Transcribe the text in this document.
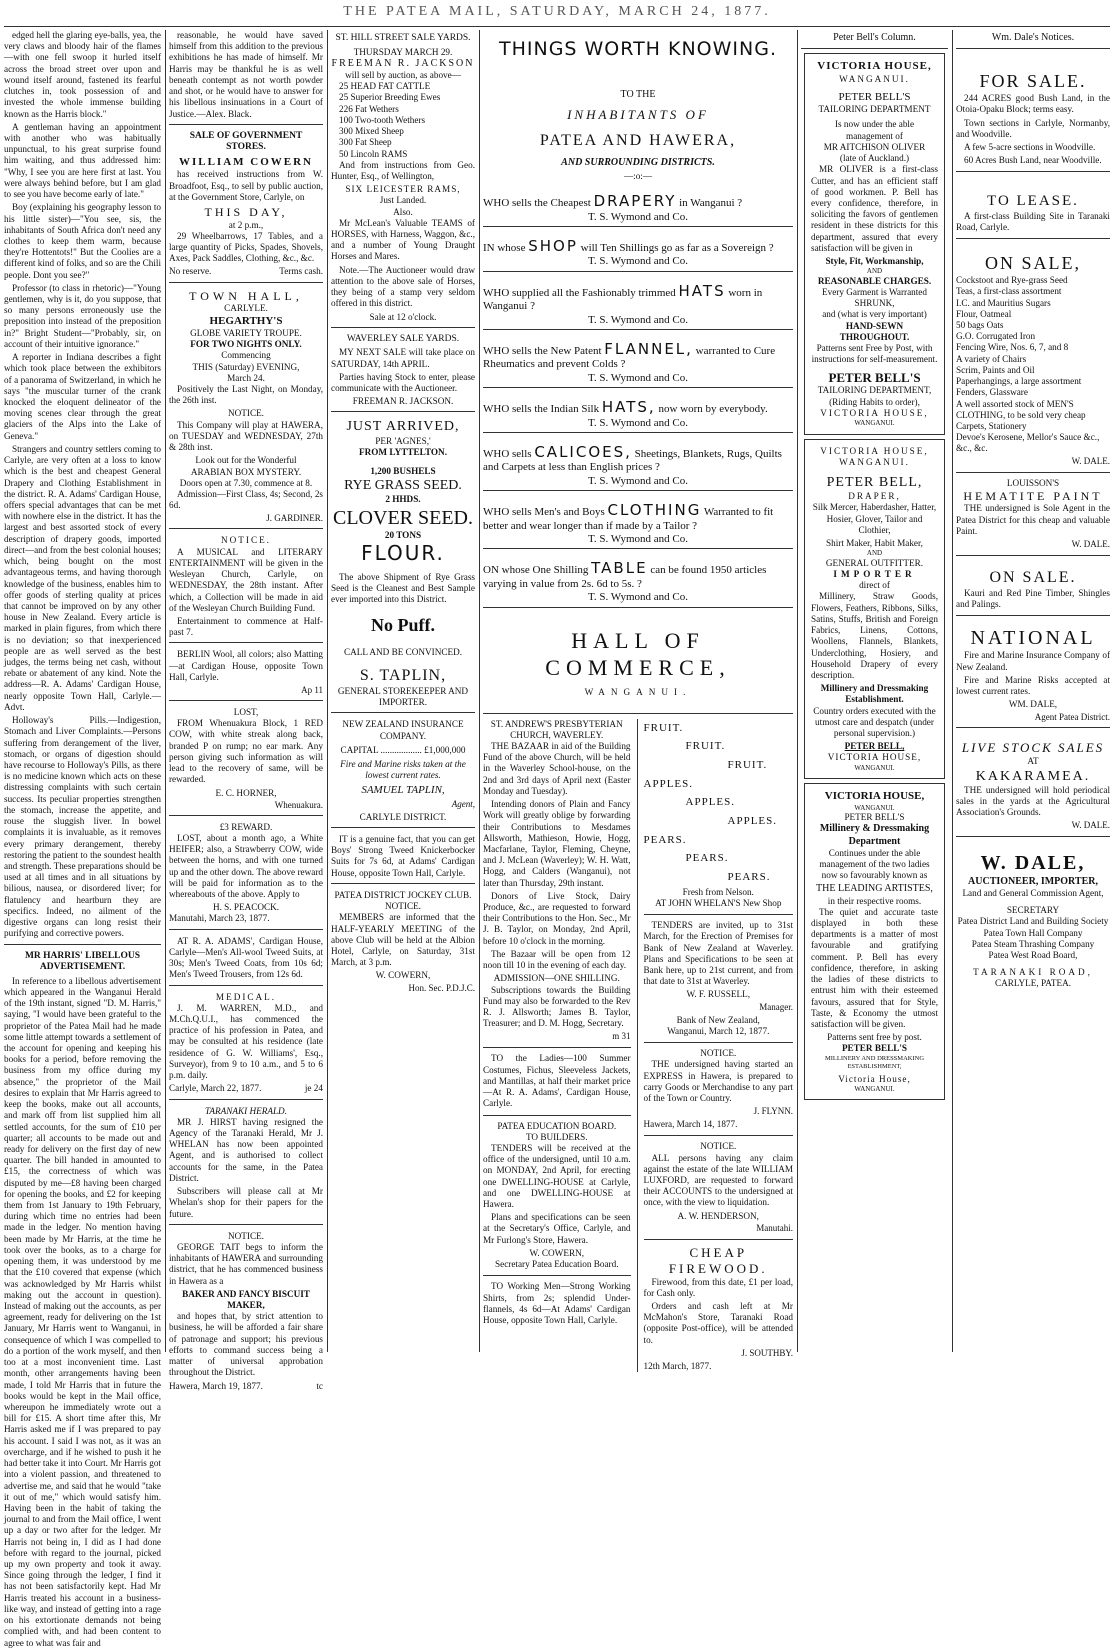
THE PATEA MAIL, SATURDAY, MARCH 24, 1877.

edged hell the glaring eye-balls, yea, the very claws and bloody hair of the flames—with one fell swoop it hurled itself across the broad street over upon and wound itself around, fastened its fearful clutches in, took possession of and invested the whole immense building known as the Harris block."

A gentleman having an appointment with another who was habitually unpunctual, to his great surprise found him waiting, and thus addressed him: "Why, I see you are here first at last. You were always behind before, but I am glad to see you have become early of late."

Boy (explaining his geography lesson to his little sister)—"You see, sis, the inhabitants of South Africa don't need any clothes to keep them warm, because they're Hottentots!" But the Coolies are a different kind of folks, and so are the Chili people. Dont you see?"

Professor (to class in rhetoric)—"Young gentlemen, why is it, do you suppose, that so many persons erroneously use the preposition into instead of the preposition in?" Bright Student—"Probably, sir, on account of their intuitive ignorance."

A reporter in Indiana describes a fight which took place between the exhibitors of a panorama of Switzerland, in which he says "the muscular turner of the crank knocked the eloquent delineator of the moving scenes clear through the great glaciers of the Alps into the Lake of Geneva."

Strangers and country settlers coming to Carlyle, are very often at a loss to know which is the best and cheapest General Drapery and Clothing Establishment in the district. R. A. Adams' Cardigan House, offers special advantages that can be met with nowhere else in the district. It has the largest and best assorted stock of every description of drapery goods, imported direct—and from the best colonial houses; which, being bought on the most advantageous terms, and having thorough knowledge of the business, enables him to offer goods of sterling quality at prices that cannot be improved on by any other house in New Zealand. Every article is marked in plain figures, from which there is no deviation; so that inexperienced people are as well served as the best judges, the terms being net cash, without rebate or abatement of any kind. Note the address—R. A. Adams' Cardigan House, nearly opposite Town Hall, Carlyle.—Advt.

Holloway's Pills.—Indigestion, Stomach and Liver Complaints.—Persons suffering from derangement of the liver, stomach, or organs of digestion should have recourse to Holloway's Pills, as there is no medicine known which acts on these distressing complaints with such certain success. Its peculiar properties strengthen the stomach, increase the appetite, and rouse the sluggish liver. In bowel complaints it is invaluable, as it removes every primary derangement, thereby restoring the patient to the soundest health and strength. These preparations should be used at all times and in all situations by bilious, nausea, or disordered liver; for flatulency and heartburn they are specifics. Indeed, no ailment of the digestive organs can long resist their purifying and corrective powers.

MR HARRIS' LIBELLOUS ADVERTISEMENT.

In reference to a libellous advertisement which appeared in the Wanganui Herald of the 19th instant, signed "D. M. Harris," saying, "I would have been grateful to the proprietor of the Patea Mail had he made some little attempt towards a settlement of the account for opening and keeping his books for a period, before removing the business from my office during my absence," the proprietor of the Mail desires to explain that Mr Harris agreed to keep the books, make out all accounts, and mark off from list supplied him all settled accounts, for the sum of £10 per quarter; all accounts to be made out and ready for delivery on the first day of new quarter. The bill handed in amounted to £15, the correctness of which was disputed by me—£8 having been charged for opening the books, and £2 for keeping them from 1st January to 19th February, during which time no entries had been made in the ledger. No mention having been made by Mr Harris, at the time he took over the books, as to a charge for opening them, it was understood by me that the £10 covered that expense (which was acknowledged by Mr Harris whilst making out the account in question). Instead of making out the accounts, as per agreement, ready for delivering on the 1st January, Mr Harris went to Wanganui, in consequence of which I was compelled to do a portion of the work myself, and then too at a most inconvenient time. Last month, other arrangements having been made, I told Mr Harris that in future the books would be kept in the Mail office, whereupon he immediately wrote out a bill for £15. A short time after this, Mr Harris asked me if I was prepared to pay his account. I said I was not, as it was an overcharge, and if he wished to push it he had better take it into Court. Mr Harris got into a violent passion, and threatened to advertise me, and said that he would "take it out of me," which would satisfy him. Having been in the habit of taking the journal to and from the Mail office, I went up a day or two after for the ledger. Mr Harris not being in, I did as I had done before with regard to the journal, picked up my own property and took it away. Since going through the ledger, I find it has not been satisfactorily kept. Had Mr Harris treated his account in a business-like way, and instead of getting into a rage on his extortionate demands not being complied with, and had been content to agree to what was fair and

reasonable, he would have saved himself from this addition to the previous exhibitions he has made of himself. Mr Harris may be thankful he is as well beneath contempt as not worth powder and shot, or he would have to answer for his libellous insinuations in a Court of Justice.—Alex. Black.

SALE OF GOVERNMENT STORES.
WILLIAM COWERN

has received instructions from W. Broadfoot, Esq., to sell by public auction, at the Government Store, Carlyle, on

THIS DAY,
at 2 p.m.,

29 Wheelbarrows, 17 Tables, and a large quantity of Picks, Spades, Shovels, Axes, Pack Saddles, Clothing, &c., &c.

No reserve.	Terms cash.
TOWN HALL,
CARLYLE.
HEGARTHY'S
GLOBE VARIETY TROUPE.
FOR TWO NIGHTS ONLY.
Commencing
THIS (Saturday) EVENING,
March 24.

Positively the Last Night, on Monday, the 26th inst.

NOTICE.

This Company will play at HAWERA, on TUESDAY and WEDNESDAY, 27th & 28th inst.

Look out for the Wonderful
ARABIAN BOX MYSTERY.
Doors open at 7.30, commence at 8.

Admission—First Class, 4s; Second, 2s 6d.

J. GARDINER.
NOTICE.

A MUSICAL and LITERARY ENTERTAINMENT will be given in the Wesleyan Church, Carlyle, on WEDNESDAY, the 28th instant. After which, a Collection will be made in aid of the Wesleyan Church Building Fund.

Entertainment to commence at Half-past 7.

BERLIN Wool, all colors; also Matting—at Cardigan House, opposite Town Hall, Carlyle.

Ap 11
LOST,

FROM Whenuakura Block, 1 RED COW, with white streak along back, branded P on rump; no ear mark. Any person giving such information as will lead to the recovery of same, will be rewarded.

E. C. HORNER,
Whenuakura.
£3 REWARD.

LOST, about a month ago, a White HEIFER; also, a Strawberry COW, wide between the horns, and with one turned up and the other down. The above reward will be paid for information as to the whereabouts of the above. Apply to

H. S. PEACOCK.
Manutahi, March 23, 1877.

AT R. A. ADAMS', Cardigan House, Carlyle—Men's All-wool Tweed Suits, at 30s; Men's Tweed Coats, from 10s 6d; Men's Tweed Trousers, from 12s 6d.

MEDICAL.

J. M. WARREN, M.D., and M.Ch.Q.U.I., has commenced the practice of his profession in Patea, and may be consulted at his residence (late residence of G. W. Williams', Esq., Surveyor), from 9 to 10 a.m., and 5 to 6 p.m. daily.

Carlyle, March 22, 1877.	je 24
TARANAKI HERALD.

MR J. HIRST having resigned the Agency of the Taranaki Herald, Mr J. WHELAN has now been appointed Agent, and is authorised to collect accounts for the same, in the Patea District.

Subscribers will please call at Mr Whelan's shop for their papers for the future.

NOTICE.

GEORGE TAIT begs to inform the inhabitants of HAWERA and surrounding district, that he has commenced business in Hawera as a

BAKER AND FANCY BISCUIT MAKER,

and hopes that, by strict attention to business, he will be afforded a fair share of patronage and support; his previous efforts to command success being a matter of universal approbation throughout the District.

Hawera, March 19, 1877.	tc
ST. HILL STREET SALE YARDS.
THURSDAY MARCH 29.
FREEMAN R. JACKSON
will sell by auction, as above—
25 HEAD FAT CATTLE
25 Superior Breeding Ewes
226 Fat Wethers
100 Two-tooth Wethers
300 Mixed Sheep
300 Fat Sheep
50 Lincoln RAMS

And from instructions from Geo. Hunter, Esq., of Wellington,

SIX LEICESTER RAMS,
Just Landed.
Also.

Mr McLean's Valuable TEAMS of HORSES, with Harness, Waggon, &c., and a number of Young Draught Horses and Mares.

Note.—The Auctioneer would draw attention to the above sale of Horses, they being of a stamp very seldom offered in this district.

Sale at 12 o'clock.
WAVERLEY SALE YARDS.

MY NEXT SALE will take place on SATURDAY, 14th APRIL.

Parties having Stock to enter, please communicate with the Auctioneer.

FREEMAN R. JACKSON.
JUST ARRIVED,
PER 'AGNES,'
FROM LYTTELTON.
1,200 BUSHELS
RYE GRASS SEED.
2 HHDS.
CLOVER SEED.
20 TONS
FLOUR.

The above Shipment of Rye Grass Seed is the Cleanest and Best Sample ever imported into this District.

No Puff.
CALL AND BE CONVINCED.
S. TAPLIN,
GENERAL STOREKEEPER AND IMPORTER.
NEW ZEALAND INSURANCE COMPANY.
CAPITAL .................. £1,000,000
Fire and Marine risks taken at the lowest current rates.
SAMUEL TAPLIN,
Agent,
CARLYLE DISTRICT.

IT is a genuine fact, that you can get Boys' Strong Tweed Knickerbocker Suits for 7s 6d, at Adams' Cardigan House, opposite Town Hall, Carlyle.

PATEA DISTRICT JOCKEY CLUB.
NOTICE.

MEMBERS are informed that the HALF-YEARLY MEETING of the above Club will be held at the Albion Hotel, Carlyle, on Saturday, 31st March, at 3 p.m.

W. COWERN,
Hon. Sec. P.D.J.C.
THINGS WORTH KNOWING.
TO THE
INHABITANTS OF
PATEA AND HAWERA,
AND SURROUNDING DISTRICTS.
—:o:—
WHO sells the Cheapest DRAPERY in Wanganui ?
T. S. Wymond and Co.
IN whose SHOP will Ten Shillings go as far as a Sovereign ?
T. S. Wymond and Co.
WHO supplied all the Fashionably trimmed HATS worn in Wanganui ?
T. S. Wymond and Co.
WHO sells the New Patent FLANNEL, warranted to Cure Rheumatics and prevent Colds ?
T. S. Wymond and Co.
WHO sells the Indian Silk HATS, now worn by everybody.
T. S. Wymond and Co.
WHO sells CALICOES, Sheetings, Blankets, Rugs, Quilts and Carpets at less than English prices ?
T. S. Wymond and Co.
WHO sells Men's and Boys CLOTHING Warranted to fit better and wear longer than if made by a Tailor ?
T. S. Wymond and Co.
ON whose One Shilling TABLE can be found 1950 articles varying in value from 2s. 6d to 5s. ?
T. S. Wymond and Co.
HALL OF COMMERCE,
WANGANUI.
ST. ANDREW'S PRESBYTERIAN CHURCH, WAVERLEY.

THE BAZAAR in aid of the Building Fund of the above Church, will be held in the Waverley School-house, on the 2nd and 3rd days of April next (Easter Monday and Tuesday).

Intending donors of Plain and Fancy Work will greatly oblige by forwarding their Contributions to Mesdames Allsworth, Mathieson, Howie, Hogg, Macfarlane, Taylor, Fleming, Cheyne, and J. McLean (Waverley); W. H. Watt, Hogg, and Calders (Wanganui), not later than Thursday, 29th instant.

Donors of Live Stock, Dairy Produce, &c., are requested to forward their Contributions to the Hon. Sec., Mr J. B. Taylor, on Monday, 2nd April, before 10 o'clock in the morning.

The Bazaar will be open from 12 noon till 10 in the evening of each day.

ADMISSION—ONE SHILLING.

Subscriptions towards the Building Fund may also be forwarded to the Rev R. J. Allsworth; James B. Taylor, Treasurer; and D. M. Hogg, Secretary.

m 31

TO the Ladies—100 Summer Costumes, Fichus, Sleeveless Jackets, and Mantillas, at half their market price—At R. A. Adams', Cardigan House, Carlyle.

PATEA EDUCATION BOARD.
TO BUILDERS.

TENDERS will be received at the office of the undersigned, until 10 a.m. on MONDAY, 2nd April, for erecting one DWELLING-HOUSE at Carlyle, and one DWELLING-HOUSE at Hawera.

Plans and specifications can be seen at the Secretary's Office, Carlyle, and Mr Furlong's Store, Hawera.

W. COWERN,
Secretary Patea Education Board.

TO Working Men—Strong Working Shirts, from 2s; splendid Under-flannels, 4s 6d—At Adams' Cardigan House, opposite Town Hall, Carlyle.

FRUIT.
FRUIT.
FRUIT.
APPLES.
APPLES.
APPLES.
PEARS.
PEARS.
PEARS.
Fresh from Nelson.
AT JOHN WHELAN'S New Shop

TENDERS are invited, up to 31st March, for the Erection of Premises for Bank of New Zealand at Waverley. Plans and Specifications to be seen at Bank here, up to 21st current, and from that date to 31st at Waverley.

W. F. RUSSELL,
Manager.
Bank of New Zealand,
Wanganui, March 12, 1877.
NOTICE.

THE undersigned having started an EXPRESS in Hawera, is prepared to carry Goods or Merchandise to any part of the Town or Country.

J. FLYNN.
Hawera, March 14, 1877.
NOTICE.

ALL persons having any claim against the estate of the late WILLIAM LUXFORD, are requested to forward their ACCOUNTS to the undersigned at once, with the view to liquidation.

A. W. HENDERSON,
Manutahi.
CHEAP FIREWOOD.

Firewood, from this date, £1 per load, for Cash only.

Orders and cash left at Mr McMahon's Store, Taranaki Road (opposite Post-office), will be attended to.

J. SOUTHBY.
12th March, 1877.
Peter Bell's Column.
VICTORIA HOUSE,
WANGANUI.
PETER BELL'S
TAILORING DEPARTMENT
Is now under the able management of
MR AITCHISON OLIVER
(late of Auckland.)

MR OLIVER is a first-class Cutter, and has an efficient staff of good workmen. P. Bell has every confidence, therefore, in soliciting the favors of gentlemen resident in these districts for this department, assured that every satisfaction will be given in

Style, Fit, Workmanship,
AND
REASONABLE CHARGES.
Every Garment is Warranted SHRUNK,
and (what is very important)
HAND-SEWN THROUGHOUT.
Patterns sent Free by Post, with instructions for self-measurement.
PETER BELL'S
TAILORING DEPARTMENT,
(Riding Habits to order),
VICTORIA HOUSE,
WANGANUI.
VICTORIA HOUSE,
WANGANUI.
PETER BELL,
DRAPER,

Silk Mercer, Haberdasher, Hatter, Hosier, Glover, Tailor and Clothier,

Shirt Maker, Habit Maker,
AND
GENERAL OUTFITTER.
IMPORTER
direct of

Millinery, Straw Goods, Flowers, Feathers, Ribbons, Silks, Satins, Stuffs, British and Foreign Fabrics, Linens, Cottons, Woollens, Flannels, Blankets, Underclothing, Hosiery, and Household Drapery of every description.

Millinery and Dressmaking Establishment.

Country orders executed with the utmost care and despatch (under personal supervision.)

PETER BELL,
VICTORIA HOUSE,
WANGANUI.
VICTORIA HOUSE,
WANGANUI.
PETER BELL'S
Millinery & Dressmaking Department

Continues under the able management of the two ladies now so favourably known as

THE LEADING ARTISTES,
in their respective rooms.

The quiet and accurate taste displayed in both these departments is a matter of most favourable and gratifying comment. P. Bell has every confidence, therefore, in asking the ladies of these districts to entrust him with their esteemed favours, assured that for Style, Taste, & Economy the utmost satisfaction will be given.

Patterns sent free by post.
PETER BELL'S
MILLINERY AND DRESSMAKING ESTABLISHMENT,
Victoria House,
WANGANUI.
Wm. Dale's Notices.
FOR SALE.

244 ACRES good Bush Land, in the Otoia-Opaku Block; terms easy.

Town sections in Carlyle, Normanby, and Woodville.

A few 5-acre sections in Woodville.

60 Acres Bush Land, near Woodville.

TO LEASE.

A first-class Building Site in Taranaki Road, Carlyle.

ON SALE,
Cockstoot and Rye-grass Seed
Teas, a first-class assortment
I.C. and Mauritius Sugars
Flour, Oatmeal
50 bags Oats
G.O. Corrugated Iron
Fencing Wire, Nos. 6, 7, and 8
A variety of Chairs
Scrim, Paints and Oil
Paperhangings, a large assortment
Fenders, Glassware
A well assorted stock of MEN'S CLOTHING, to be sold very cheap
Carpets, Stationery
Devoe's Kerosene, Mellor's Sauce &c., &c., &c.
W. DALE.
LOUISSON'S
HEMATITE PAINT

THE undersigned is Sole Agent in the Patea District for this cheap and valuable Paint.

W. DALE.
ON SALE.

Kauri and Red Pine Timber, Shingles and Palings.

NATIONAL

Fire and Marine Insurance Company of New Zealand.

Fire and Marine Risks accepted at lowest current rates.

WM. DALE,
Agent Patea District.
LIVE STOCK SALES
AT
KAKARAMEA.

THE undersigned will hold periodical sales in the yards at the Agricultural Association's Grounds.

W. DALE.
W. DALE,
AUCTIONEER, IMPORTER,
Land and General Commission Agent,
SECRETARY
Patea District Land and Building Society
Patea Town Hall Company
Patea Steam Thrashing Company
Patea West Road Board,
TARANAKI ROAD,
CARLYLE, PATEA.
